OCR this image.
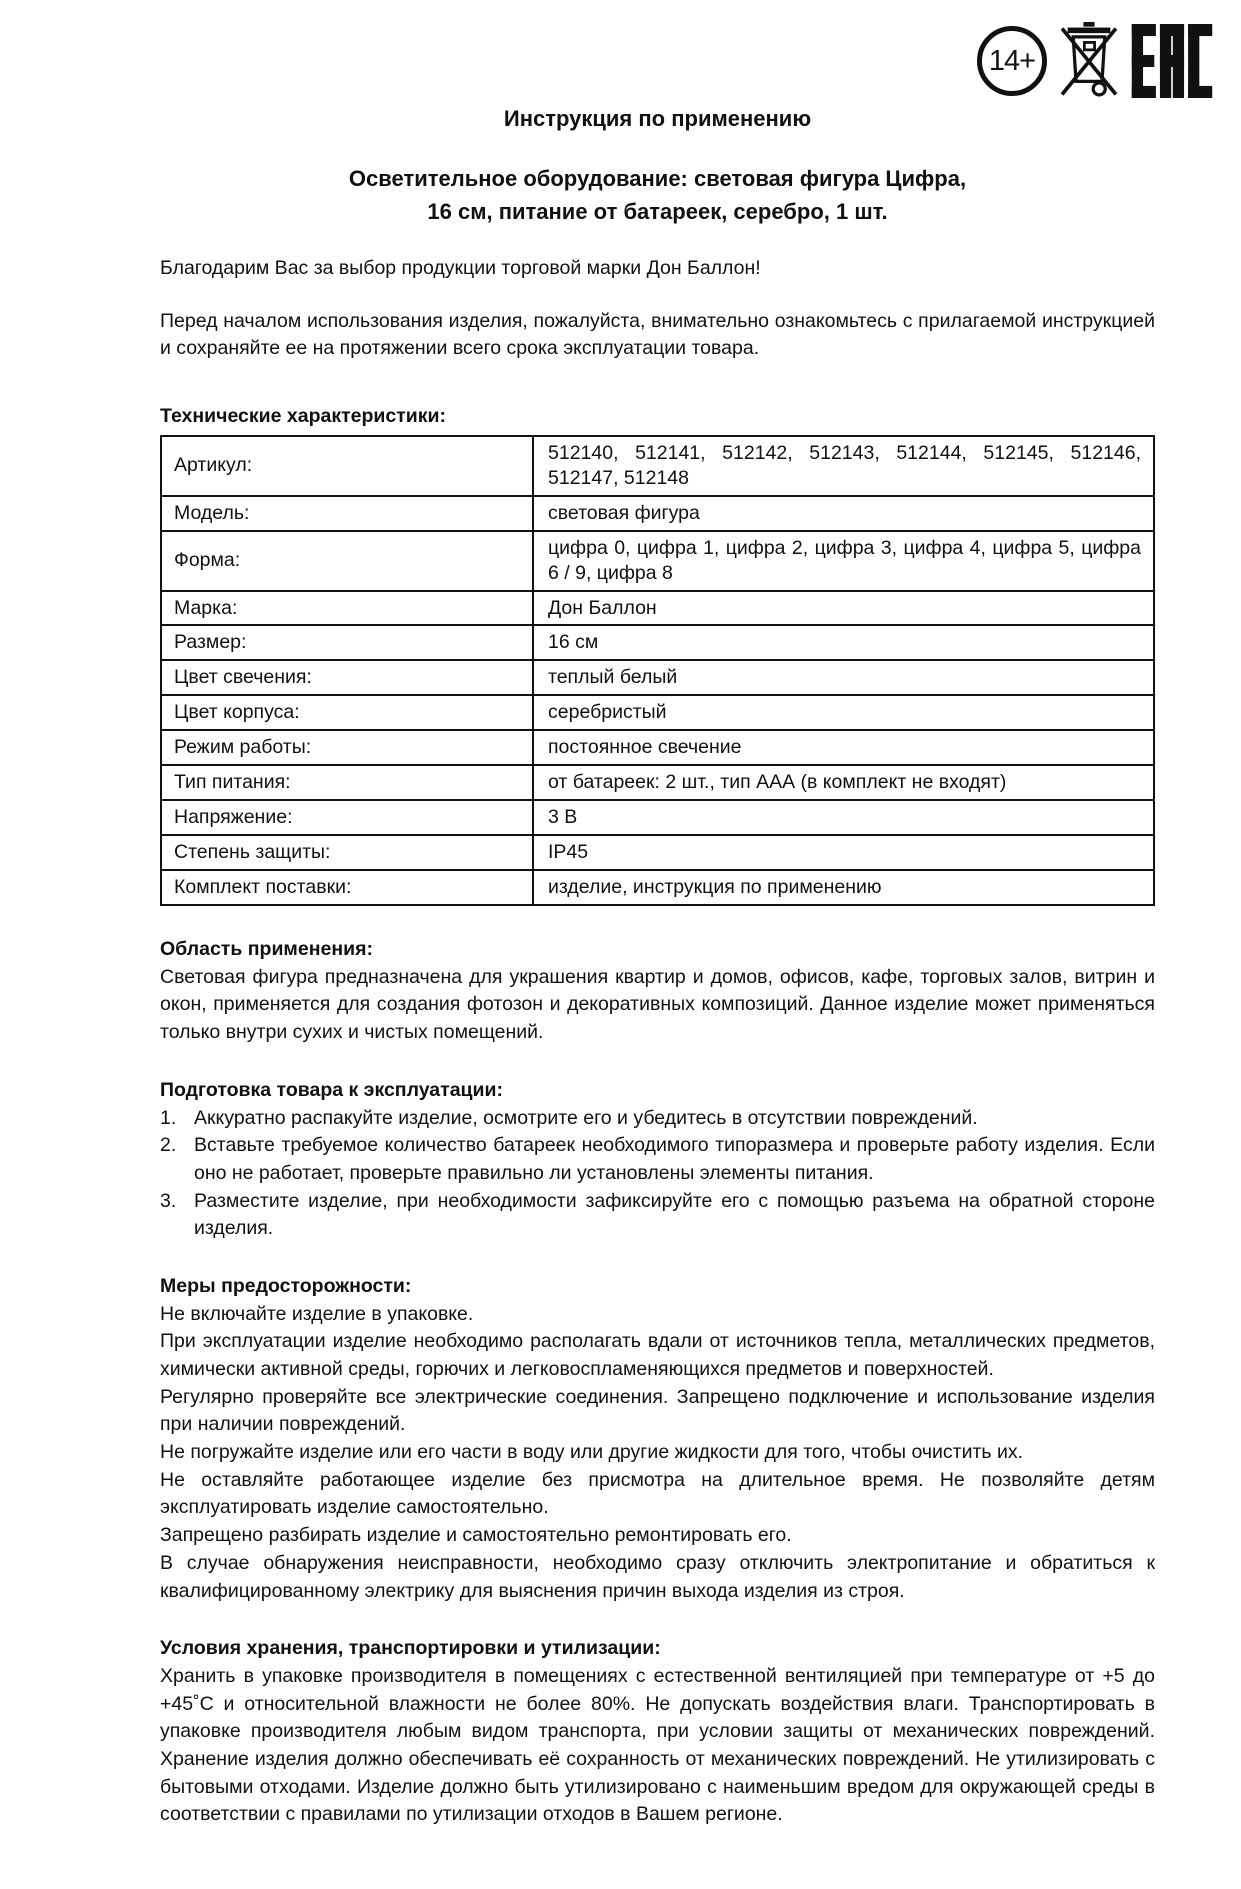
14+
Инструкция по применению
Осветительное оборудование: световая фигура Цифра,
16 см, питание от батареек, серебро, 1 шт.

Благодарим Вас за выбор продукции торговой марки Дон Баллон!

Перед началом использования изделия, пожалуйста, внимательно ознакомьтесь с прилагаемой инструкцией и сохраняйте ее на протяжении всего срока эксплуатации товара.

Технические характеристики:
Артикул:	512140, 512141, 512142, 512143, 512144, 512145, 512146, 512147, 512148
Модель:	световая фигура
Форма:	цифра 0, цифра 1, цифра 2, цифра 3, цифра 4, цифра 5, цифра 6 / 9, цифра 8
Марка:	Дон Баллон
Размер:	16 см
Цвет свечения:	теплый белый
Цвет корпуса:	серебристый
Режим работы:	постоянное свечение
Тип питания:	от батареек: 2 шт., тип ААА (в комплект не входят)
Напряжение:	3 В
Степень защиты:	IP45
Комплект поставки:	изделие, инструкция по применению
Область применения:

Световая фигура предназначена для украшения квартир и домов, офисов, кафе, торговых залов, витрин и окон, применяется для создания фотозон и декоративных композиций. Данное изделие может применяться только внутри сухих и чистых помещений.

Подготовка товара к эксплуатации:
1. Аккуратно распакуйте изделие, осмотрите его и убедитесь в отсутствии повреждений.
2. Вставьте требуемое количество батареек необходимого типоразмера и проверьте работу изделия. Если оно не работает, проверьте правильно ли установлены элементы питания.
3. Разместите изделие, при необходимости зафиксируйте его с помощью разъема на обратной стороне изделия.
Меры предосторожности:

Не включайте изделие в упаковке.

При эксплуатации изделие необходимо располагать вдали от источников тепла, металлических предметов, химически активной среды, горючих и легковоспламеняющихся предметов и поверхностей.

Регулярно проверяйте все электрические соединения. Запрещено подключение и использование изделия при наличии повреждений.

Не погружайте изделие или его части в воду или другие жидкости для того, чтобы очистить их.

Не оставляйте работающее изделие без присмотра на длительное время. Не позволяйте детям эксплуатировать изделие самостоятельно.

Запрещено разбирать изделие и самостоятельно ремонтировать его.

В случае обнаружения неисправности, необходимо сразу отключить электропитание и обратиться к квалифицированному электрику для выяснения причин выхода изделия из строя.

Условия хранения, транспортировки и утилизации:

Хранить в упаковке производителя в помещениях с естественной вентиляцией при температуре от +5 до +45˚С и относительной влажности не более 80%. Не допускать воздействия влаги. Транспортировать в упаковке производителя любым видом транспорта, при условии защиты от механических повреждений. Хранение изделия должно обеспечивать её сохранность от механических повреждений. Не утилизировать с бытовыми отходами. Изделие должно быть утилизировано с наименьшим вредом для окружающей среды в соответствии с правилами по утилизации отходов в Вашем регионе.
